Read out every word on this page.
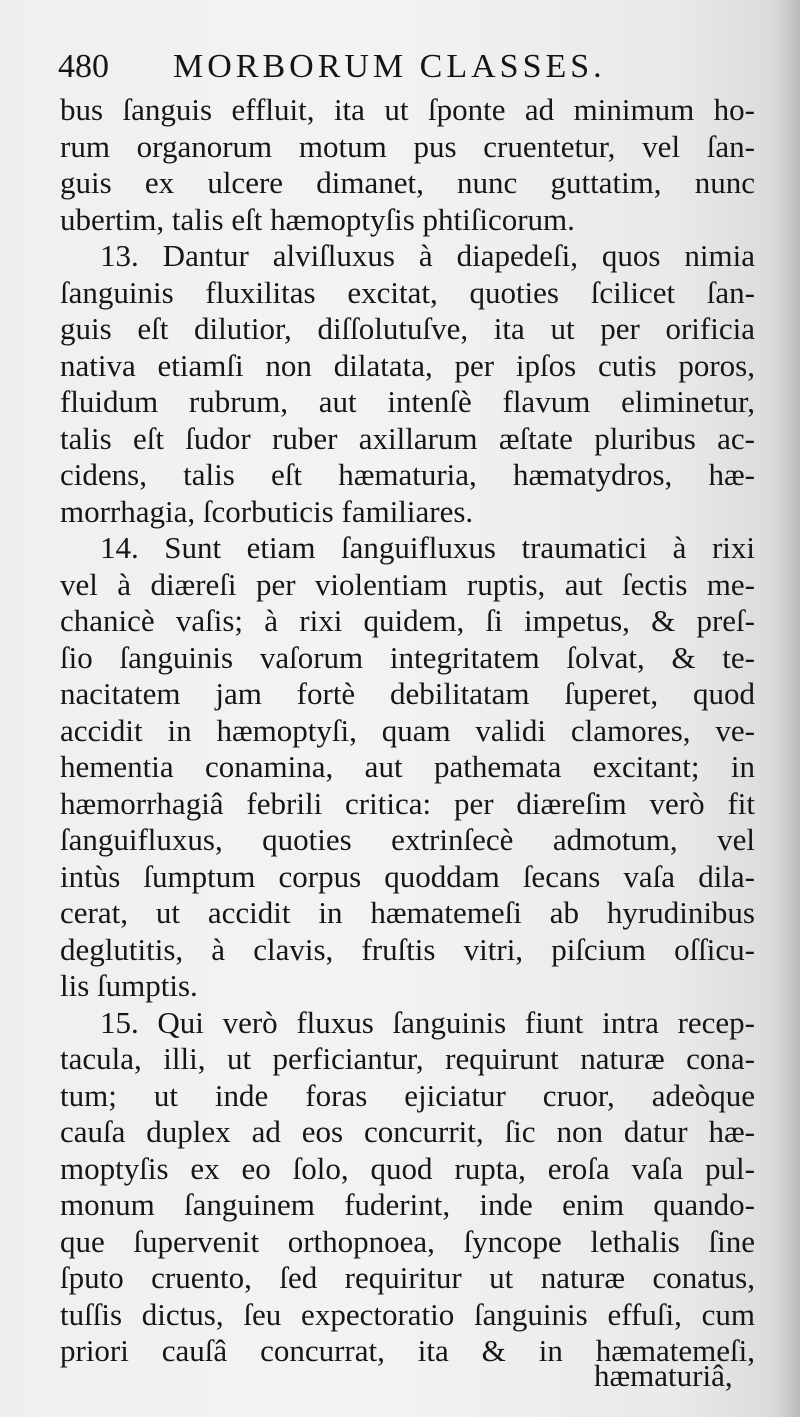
480 MORBORUM CLASSES.
bus ſanguis effluit, ita ut ſponte ad minimum ho-
rum organorum motum pus cruentetur, vel ſan-
guis ex ulcere dimanet, nunc guttatim, nunc
ubertim, talis eſt hæmoptyſis phtiſicorum.
13. Dantur alviſluxus à diapedeſi, quos nimia
ſanguinis fluxilitas excitat, quoties ſcilicet ſan-
guis eſt dilutior, diſſolutuſve, ita ut per orificia
nativa etiamſi non dilatata, per ipſos cutis poros,
fluidum rubrum, aut intenſè flavum eliminetur,
talis eſt ſudor ruber axillarum æſtate pluribus ac-
cidens, talis eſt hæmaturia, hæmatydros, hæ-
morrhagia, ſcorbuticis familiares.
14. Sunt etiam ſanguifluxus traumatici à rixi
vel à diæreſi per violentiam ruptis, aut ſectis me-
chanicè vaſis; à rixi quidem, ſi impetus, & preſ-
ſio ſanguinis vaſorum integritatem ſolvat, & te-
nacitatem jam fortè debilitatam ſuperet, quod
accidit in hæmoptyſi, quam validi clamores, ve-
hementia conamina, aut pathemata excitant; in
hæmorrhagiâ febrili critica: per diæreſim verò fit
ſanguifluxus, quoties extrinſecè admotum, vel
intùs ſumptum corpus quoddam ſecans vaſa dila-
cerat, ut accidit in hæmatemeſi ab hyrudinibus
deglutitis, à clavis, fruſtis vitri, piſcium oſſicu-
lis ſumptis.
15. Qui verò fluxus ſanguinis fiunt intra recep-
tacula, illi, ut perficiantur, requirunt naturæ cona-
tum; ut inde foras ejiciatur cruor, adeòque
cauſa duplex ad eos concurrit, ſic non datur hæ-
moptyſis ex eo ſolo, quod rupta, eroſa vaſa pul-
monum ſanguinem fuderint, inde enim quando-
que ſupervenit orthopnoea, ſyncope lethalis ſine
ſputo cruento, ſed requiritur ut naturæ conatus,
tuſſis dictus, ſeu expectoratio ſanguinis effuſi, cum
priori cauſâ concurrat, ita & in hæmatemeſi,
hæmaturiâ,
